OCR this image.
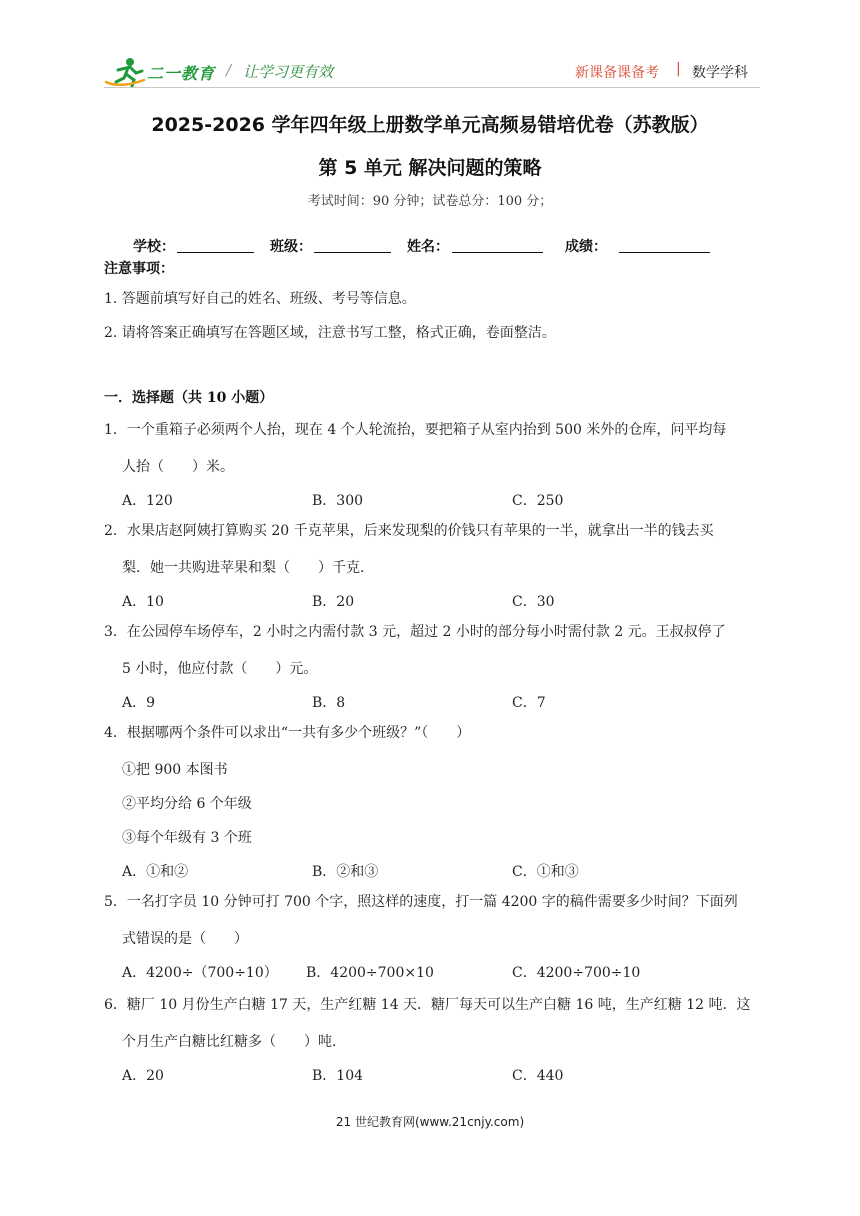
二一教育 / 让学习更有效	新课备课备考 | 数学学科
2025-2026 学年四年级上册数学单元高频易错培优卷（苏教版）
第 5 单元 解决问题的策略
考试时间：90 分钟；试卷总分：100 分；
学校：	班级：	姓名：	成绩：
注意事项：
1. 答题前填写好自己的姓名、班级、考号等信息。
2. 请将答案正确填写在答题区域，注意书写工整，格式正确，卷面整洁。
一．选择题（共 10 小题）
1．一个重箱子必须两个人抬，现在 4 个人轮流抬，要把箱子从室内抬到 500 米外的仓库，问平均每
人抬（　　）米。
A．120	B．300	C．250
2．水果店赵阿姨打算购买 20 千克苹果，后来发现梨的价钱只有苹果的一半，就拿出一半的钱去买
梨．她一共购进苹果和梨（　　）千克．
A．10	B．20	C．30
3．在公园停车场停车，2 小时之内需付款 3 元，超过 2 小时的部分每小时需付款 2 元。王叔叔停了
5 小时，他应付款（　　）元。
A．9	B．8	C．7
4．根据哪两个条件可以求出“一共有多少个班级？”（　　）
①把 900 本图书
②平均分给 6 个年级
③每个年级有 3 个班
A．①和②	B．②和③	C．①和③
5．一名打字员 10 分钟可打 700 个字，照这样的速度，打一篇 4200 字的稿件需要多少时间？下面列
式错误的是（　　）
A．4200÷（700÷10） B．4200÷700×10	C．4200÷700÷10
6．糖厂 10 月份生产白糖 17 天，生产红糖 14 天．糖厂每天可以生产白糖 16 吨，生产红糖 12 吨．这
个月生产白糖比红糖多（　　）吨．
A．20	B．104	C．440
21 世纪教育网(www.21cnjy.com)
